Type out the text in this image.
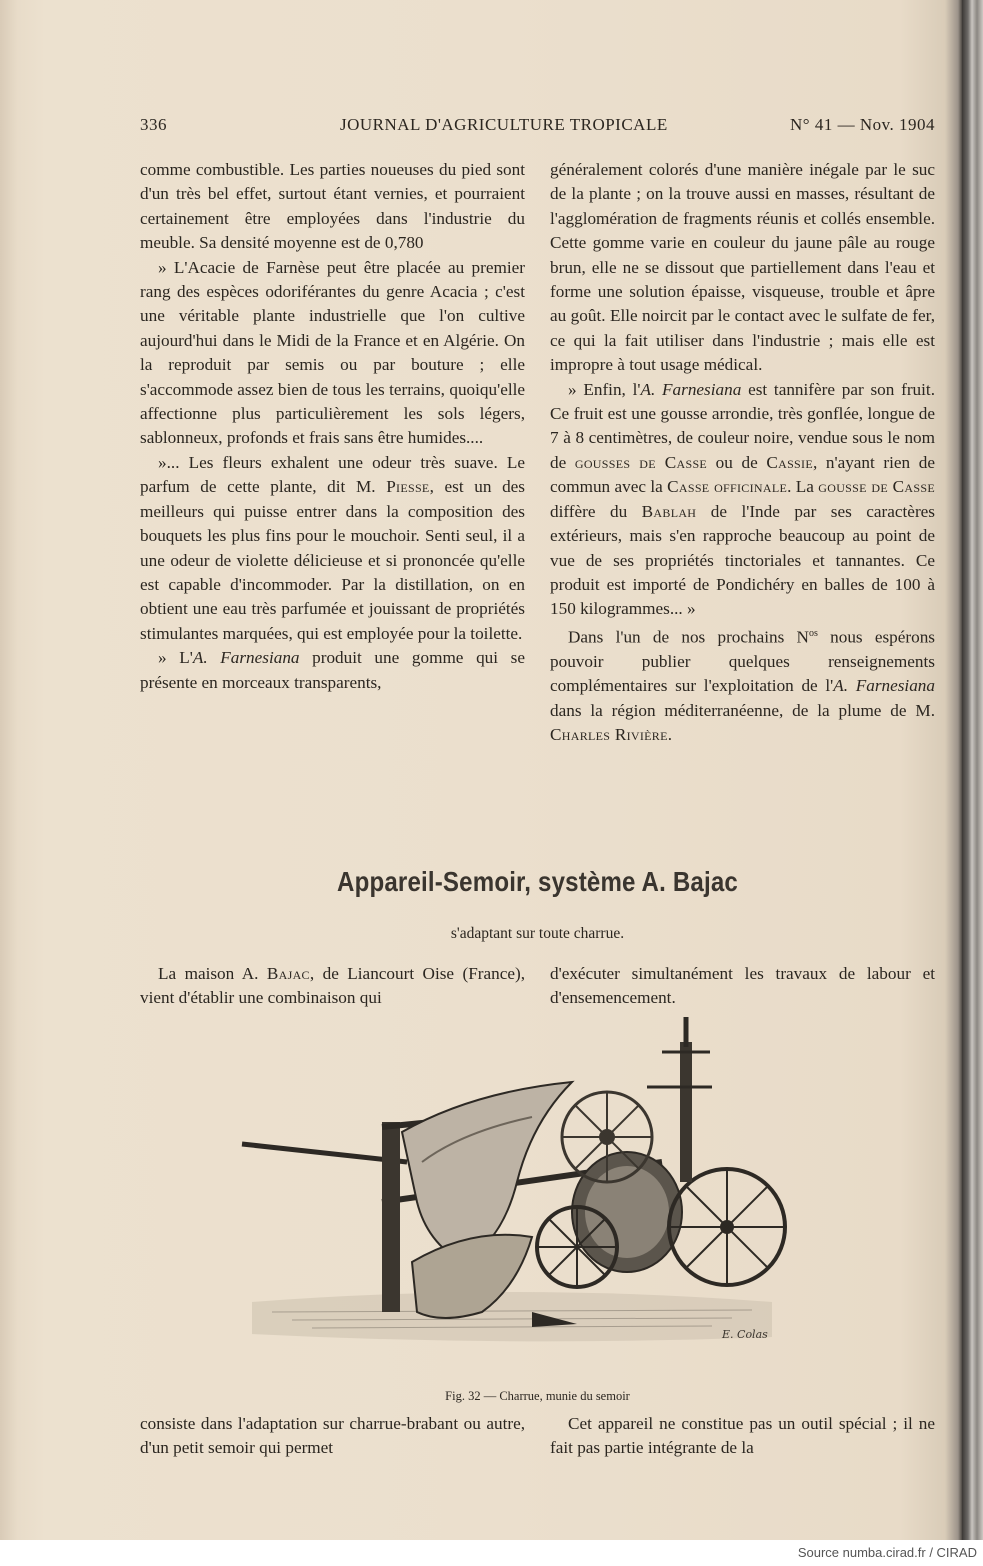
Source numba.cirad.fr / CIRAD
336	JOURNAL D'AGRICULTURE TROPICALE	N° 41 — Nov. 1904

comme combustible. Les parties noueuses du pied sont d'un très bel effet, surtout étant vernies, et pourraient certainement être employées dans l'industrie du meuble. Sa densité moyenne est de 0,780

» L'Acacie de Farnèse peut être placée au premier rang des espèces odoriférantes du genre Acacia ; c'est une véritable plante industrielle que l'on cultive aujourd'hui dans le Midi de la France et en Algérie. On la reproduit par semis ou par bouture ; elle s'accommode assez bien de tous les terrains, quoiqu'elle affectionne plus particulièrement les sols légers, sablonneux, profonds et frais sans être humides....

»... Les fleurs exhalent une odeur très suave. Le parfum de cette plante, dit M. Piesse, est un des meilleurs qui puisse entrer dans la composition des bouquets les plus fins pour le mouchoir. Senti seul, il a une odeur de violette délicieuse et si prononcée qu'elle est capable d'incommoder. Par la distillation, on en obtient une eau très parfumée et jouissant de propriétés stimulantes marquées, qui est employée pour la toilette.

» L'A. Farnesiana produit une gomme qui se présente en morceaux transparents,

généralement colorés d'une manière inégale par le suc de la plante ; on la trouve aussi en masses, résultant de l'agglomération de fragments réunis et collés ensemble. Cette gomme varie en couleur du jaune pâle au rouge brun, elle ne se dissout que partiellement dans l'eau et forme une solution épaisse, visqueuse, trouble et âpre au goût. Elle noircit par le contact avec le sulfate de fer, ce qui la fait utiliser dans l'industrie ; mais elle est impropre à tout usage médical.

» Enfin, l'A. Farnesiana est tannifère par son fruit. Ce fruit est une gousse arrondie, très gonflée, longue de 7 à 8 centimètres, de couleur noire, vendue sous le nom de gousses de Casse ou de Cassie, n'ayant rien de commun avec la Casse officinale. La gousse de Casse diffère du Bablah de l'Inde par ses caractères extérieurs, mais s'en rapproche beaucoup au point de vue de ses propriétés tinctoriales et tannantes. Ce produit est importé de Pondichéry en balles de 100 à 150 kilogrammes... »

Dans l'un de nos prochains $N^{os}$ nous espérons pouvoir publier quelques renseignements complémentaires sur l'exploitation de l'A. Farnesiana dans la région méditerranéenne, de la plume de M. Charles Rivière.

Appareil-Semoir, système A. Bajac
s'adaptant sur toute charrue.

La maison A. Bajac, de Liancourt Oise (France), vient d'établir une combinaison qui

d'exécuter simultanément les travaux de labour et d'ensemencement.

E. Colas
Fig. 32 — Charrue, munie du semoir

consiste dans l'adaptation sur charrue-brabant ou autre, d'un petit semoir qui permet

Cet appareil ne constitue pas un outil spécial ; il ne fait pas partie intégrante de la
